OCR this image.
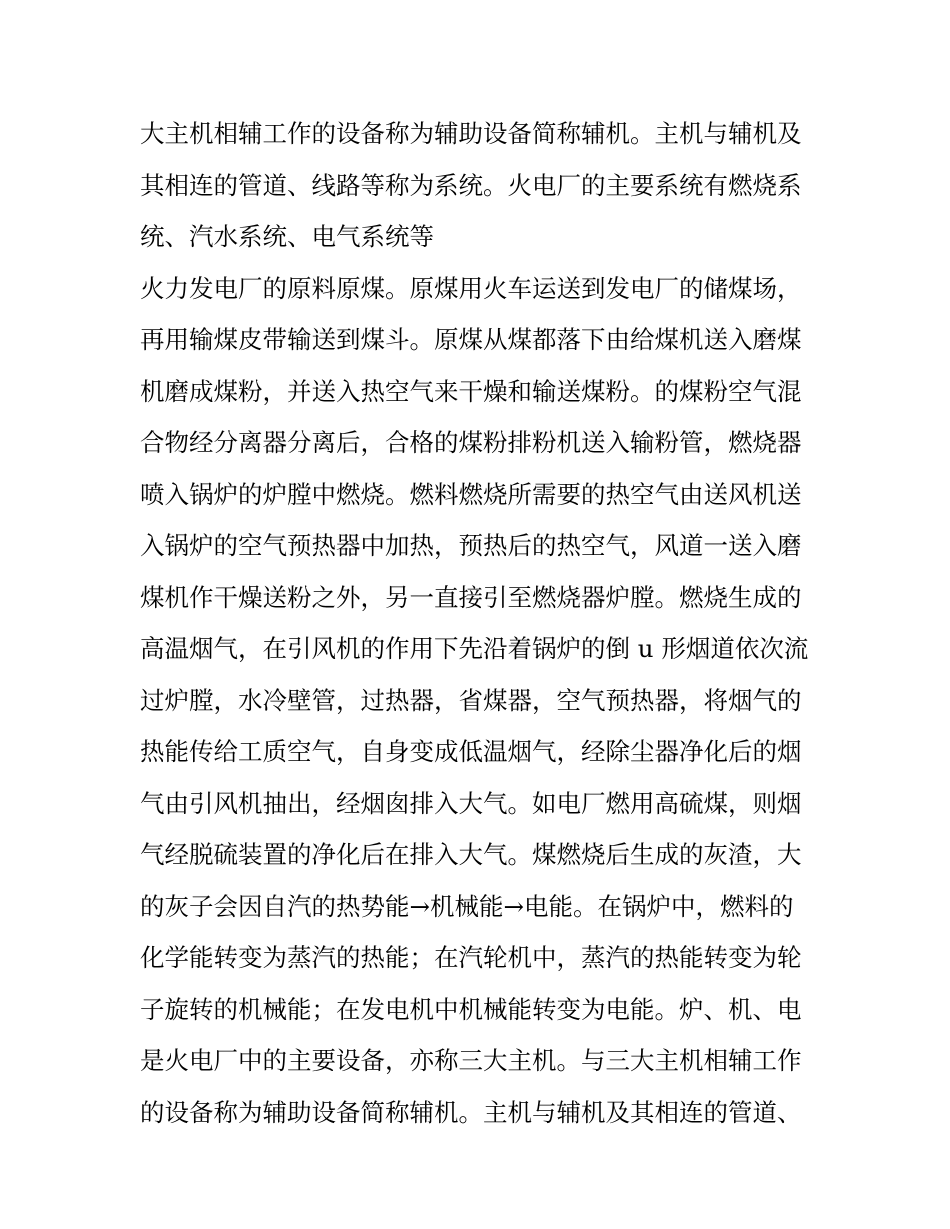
大主机相辅工作的设备称为辅助设备简称辅机。主机与辅机及
其相连的管道、线路等称为系统。火电厂的主要系统有燃烧系
统、汽水系统、电气系统等
火力发电厂的原料原煤。原煤用火车运送到发电厂的储煤场，
再用输煤皮带输送到煤斗。原煤从煤都落下由给煤机送入磨煤
机磨成煤粉，并送入热空气来干燥和输送煤粉。的煤粉空气混
合物经分离器分离后，合格的煤粉排粉机送入输粉管，燃烧器
喷入锅炉的炉膛中燃烧。燃料燃烧所需要的热空气由送风机送
入锅炉的空气预热器中加热，预热后的热空气，风道一送入磨
煤机作干燥送粉之外，另一直接引至燃烧器炉膛。燃烧生成的
高温烟气，在引风机的作用下先沿着锅炉的倒 u 形烟道依次流
过炉膛，水冷壁管，过热器，省煤器，空气预热器，将烟气的
热能传给工质空气，自身变成低温烟气，经除尘器净化后的烟
气由引风机抽出，经烟囱排入大气。如电厂燃用高硫煤，则烟
气经脱硫装置的净化后在排入大气。煤燃烧后生成的灰渣，大
的灰子会因自汽的热势能→机械能→电能。在锅炉中，燃料的
化学能转变为蒸汽的热能；在汽轮机中，蒸汽的热能转变为轮
子旋转的机械能；在发电机中机械能转变为电能。炉、机、电
是火电厂中的主要设备，亦称三大主机。与三大主机相辅工作
的设备称为辅助设备简称辅机。主机与辅机及其相连的管道、
